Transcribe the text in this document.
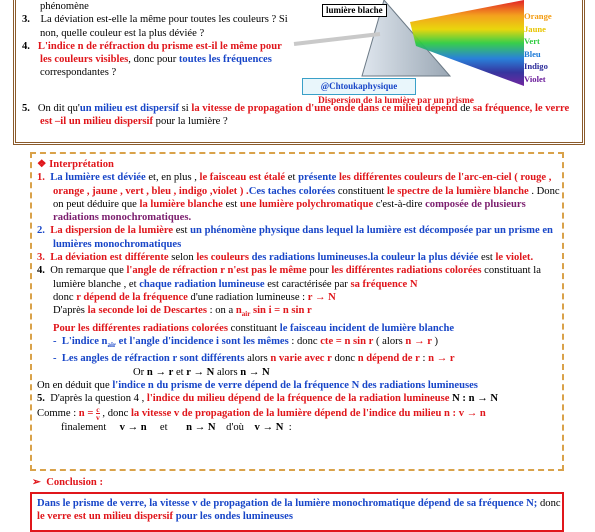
phénomène

3. La déviation est-elle la même pour toutes les couleurs ? Si non, quelle couleur est la plus déviée ?

4. L'indice n de réfraction du prisme est-il le même pour les couleurs visibles, donc pour toutes les fréquences correspondantes ?

5. On dit qu'un milieu est dispersif si la vitesse de propagation d'une onde dans ce milieu dépend de sa fréquence, le verre est –il un milieu dispersif pour la lumière ?

lumière blache
Orange
Jaune
Vert
Bleu
Indigo
Violet
@Chtoukaphysique
Dispersion de la lumière par un prisme

❖ Interprétation

1. La lumière est déviée et, en plus , le faisceau est étalé et présente les différentes couleurs de l'arc-en-ciel ( rouge , orange , jaune , vert , bleu , indigo ,violet ) .Ces taches colorées constituent le spectre de la lumière blanche . Donc on peut déduire que la lumière blanche est une lumière polychromatique c'est-à-dire composée de plusieurs radiations monochromatiques.

2. La dispersion de la lumière est un phénomène physique dans lequel la lumière est décomposée par un prisme en lumières monochromatiques

3. La déviation est différente selon les couleurs des radiations lumineuses.la couleur la plus déviée est le violet.

4. On remarque que l'angle de réfraction r n'est pas le même pour les différentes radiations colorées constituant la lumière blanche , et chaque radiation lumineuse est caractérisée par sa fréquence N
donc r dépend de la fréquence d'une radiation lumineuse : r → N
D'après la seconde loi de Descartes : on a $n_{air}$ sin i = n sin r
Pour les différentes radiations colorées constituant le faisceau incident de lumière blanche

- L'indice $n_{air}$ et l'angle d'incidence i sont les mêmes : donc cte = n sin r ( alors n → r )

- Les angles de réfraction r sont différents alors n varie avec r donc n dépend de r : n → r

Or n → r et r → N alors n → N

On en déduit que l'indice n du prisme de verre dépend de la fréquence N des radiations lumineuses

5. D'après la question 4 , l'indice du milieu dépend de la fréquence de la radiation lumineuse N : n → N
Comme : $n = \frac{c}{v}$ , donc la vitesse v de propagation de la lumière dépend de l'indice du milieu n : v → n

finalement v → n et n → N d'où v → N :

➢ Conclusion :

Dans le prisme de verre, la vitesse v de propagation de la lumière monochromatique dépend de sa fréquence N; donc le verre est un milieu dispersif pour les ondes lumineuses
